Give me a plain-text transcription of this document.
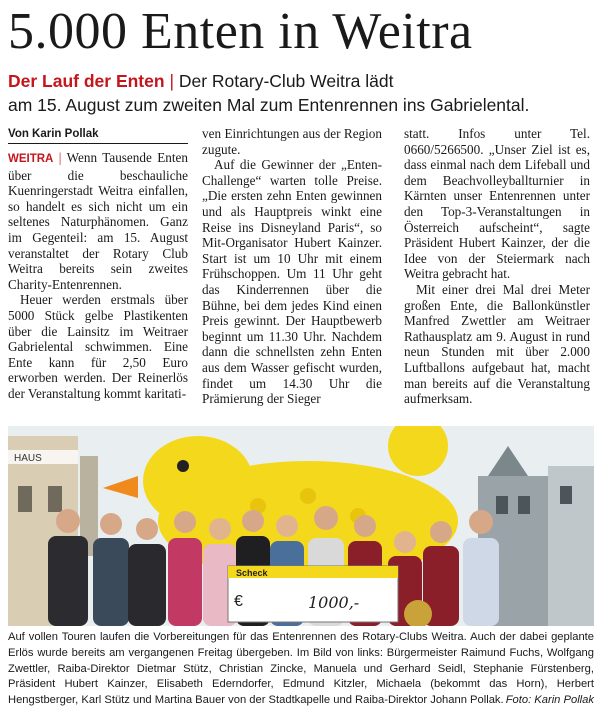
5.000 Enten in Weitra
Der Lauf der Enten | Der Rotary-Club Weitra lädt
am 15. August zum zweiten Mal zum Entenrennen ins Gabrielental.
Von Karin Pollak

WEITRA | Wenn Tausende Enten über die beschauliche Kuenringerstadt Weitra einfallen, so handelt es sich nicht um ein seltenes Naturphänomen. Ganz im Gegenteil: am 15. August veranstaltet der Rotary Club Weitra bereits sein zweites Charity-Entenrennen.

Heuer werden erstmals über 5000 Stück gelbe Plastikenten über die Lainsitz im Weitraer Gabrielental schwimmen. Eine Ente kann für 2,50 Euro erworben werden. Der Reinerlös der Veranstaltung kommt karitati-

ven Einrichtungen aus der Region zugute.

Auf die Gewinner der „Enten-Challenge“ warten tolle Preise. „Die ersten zehn Enten gewinnen und als Hauptpreis winkt eine Reise ins Disneyland Paris“, so Mit-Organisator Hubert Kainzer. Start ist um 10 Uhr mit einem Frühschoppen. Um 11 Uhr geht das Kinderrennen über die Bühne, bei dem jedes Kind einen Preis gewinnt. Der Hauptbewerb beginnt um 11.30 Uhr. Nachdem dann die schnellsten zehn Enten aus dem Wasser gefischt wurden, findet um 14.30 Uhr die Prämierung der Sieger

statt. Infos unter Tel. 0660/5266500. „Unser Ziel ist es, dass einmal nach dem Lifeball und dem Beachvolleyballturnier in Kärnten unser Entenrennen unter den Top-3-Veranstaltungen in Österreich aufscheint“, sagte Präsident Hubert Kainzer, der die Idee von der Steiermark nach Weitra gebracht hat.

Mit einer drei Mal drei Meter großen Ente, die Ballonkünstler Manfred Zwettler am Weitraer Rathausplatz am 9. August in rund neun Stunden mit über 2.000 Luftballons aufgebaut hat, macht man bereits auf die Veranstaltung aufmerksam.

HAUS
Scheck
€	1000,-
Auf vollen Touren laufen die Vorbereitungen für das Entenrennen des Rotary-Clubs Weitra. Auch der dabei geplante Erlös wurde bereits am vergangenen Freitag übergeben. Im Bild von links: Bürgermeister Raimund Fuchs, Wolfgang Zwettler, Raiba-Direktor Dietmar Stütz, Christian Zincke, Manuela und Gerhard Seidl, Stephanie Fürstenberg, Präsident Hubert Kainzer, Elisabeth Ederndorfer, Edmund Kitzler, Michaela (bekommt das Horn), Herbert Hengstberger, Karl Stütz und Martina Bauer von der Stadtkapelle und Raiba-Direktor Johann Pollak. Foto: Karin Pollak
